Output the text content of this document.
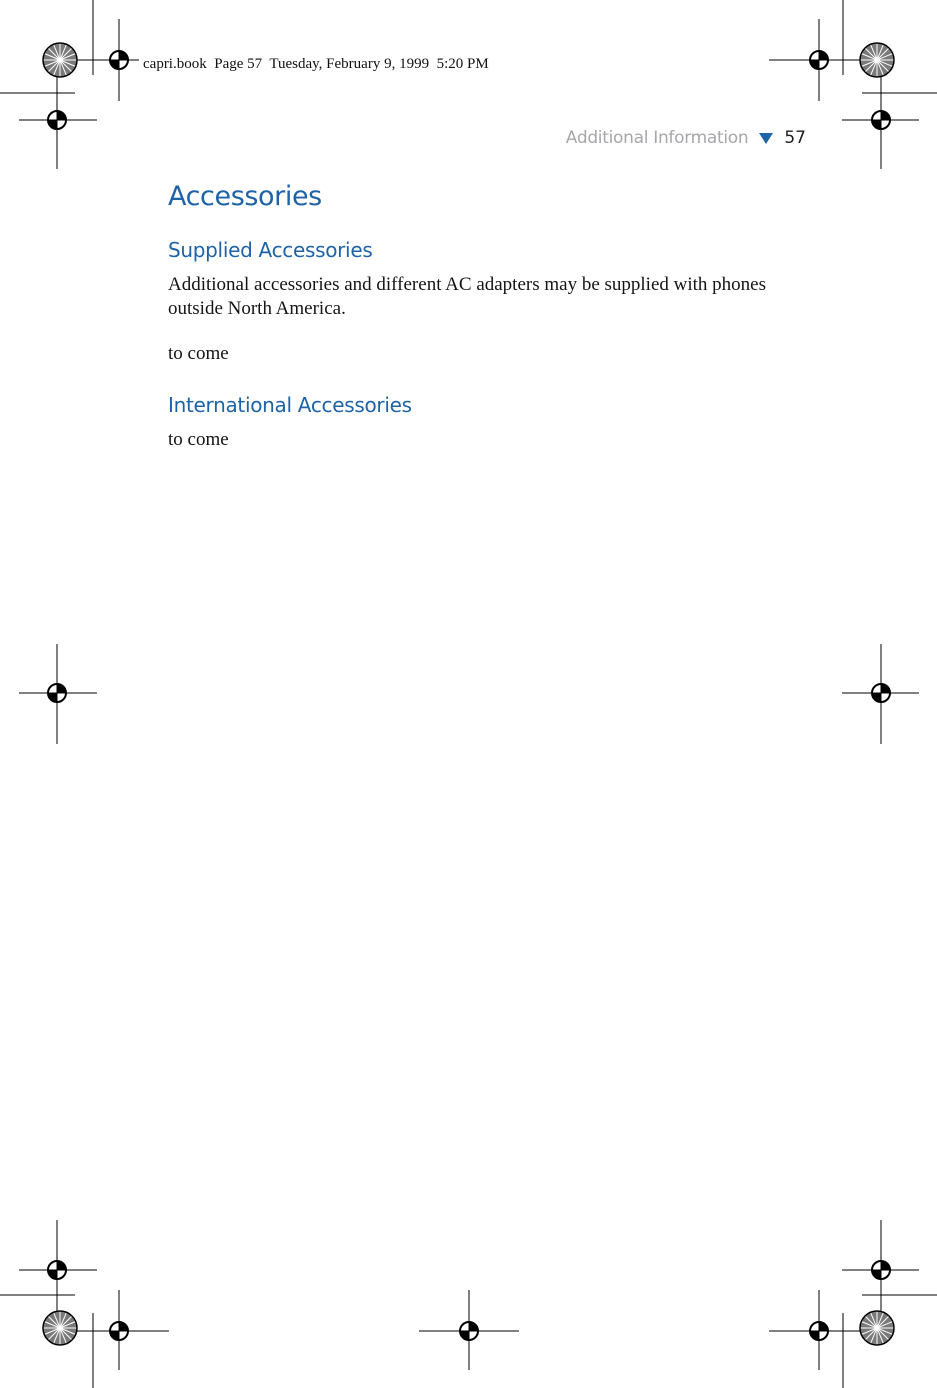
capri.book  Page 57  Tuesday, February 9, 1999  5:20 PM
Additional Information 57
Accessories
Supplied Accessories

Additional accessories and different AC adapters may be supplied with phones outside North America.

to come

International Accessories

to come
